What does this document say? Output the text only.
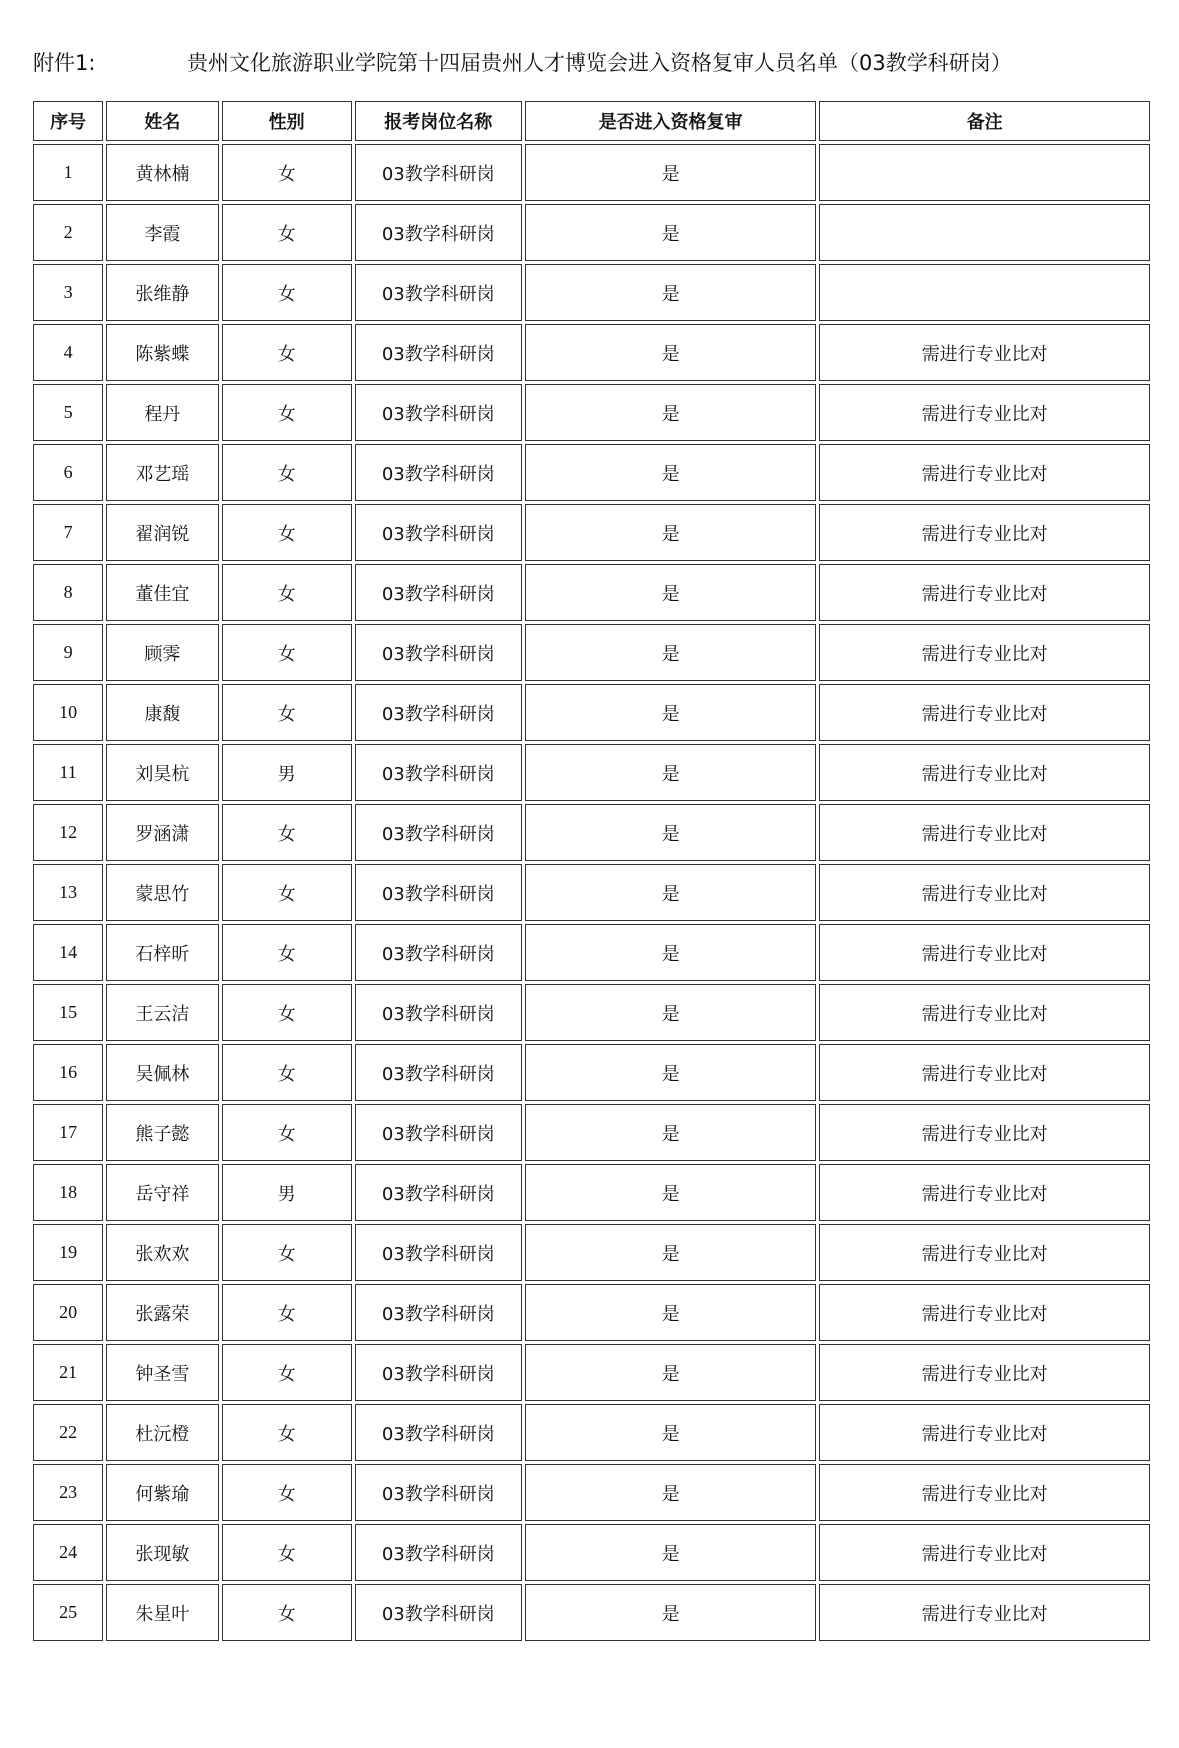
附件1:	贵州文化旅游职业学院第十四届贵州人才博览会进入资格复审人员名单（03教学科研岗）
序号	姓名	性别	报考岗位名称	是否进入资格复审	备注
1	黄林楠	女	03教学科研岗	是	
2	李霞	女	03教学科研岗	是	
3	张维静	女	03教学科研岗	是	
4	陈紫蝶	女	03教学科研岗	是	需进行专业比对
5	程丹	女	03教学科研岗	是	需进行专业比对
6	邓艺瑶	女	03教学科研岗	是	需进行专业比对
7	翟润锐	女	03教学科研岗	是	需进行专业比对
8	董佳宜	女	03教学科研岗	是	需进行专业比对
9	顾霁	女	03教学科研岗	是	需进行专业比对
10	康馥	女	03教学科研岗	是	需进行专业比对
11	刘昊杭	男	03教学科研岗	是	需进行专业比对
12	罗涵潇	女	03教学科研岗	是	需进行专业比对
13	蒙思竹	女	03教学科研岗	是	需进行专业比对
14	石梓昕	女	03教学科研岗	是	需进行专业比对
15	王云洁	女	03教学科研岗	是	需进行专业比对
16	吴佩林	女	03教学科研岗	是	需进行专业比对
17	熊子懿	女	03教学科研岗	是	需进行专业比对
18	岳守祥	男	03教学科研岗	是	需进行专业比对
19	张欢欢	女	03教学科研岗	是	需进行专业比对
20	张露荣	女	03教学科研岗	是	需进行专业比对
21	钟圣雪	女	03教学科研岗	是	需进行专业比对
22	杜沅橙	女	03教学科研岗	是	需进行专业比对
23	何紫瑜	女	03教学科研岗	是	需进行专业比对
24	张现敏	女	03教学科研岗	是	需进行专业比对
25	朱星叶	女	03教学科研岗	是	需进行专业比对
